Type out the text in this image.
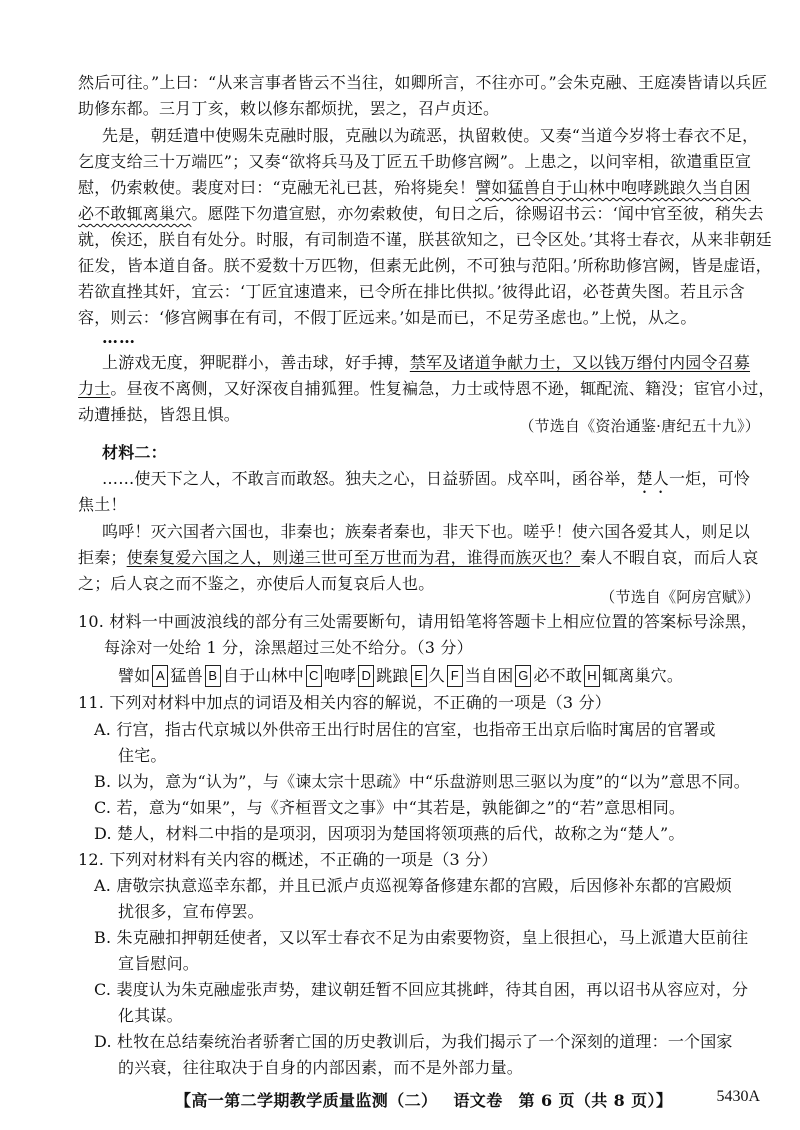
然后可往。”上曰：“从来言事者皆云不当往，如卿所言，不往亦可。”会朱克融、王庭凑皆请以兵匠
助修东都。三月丁亥，敕以修东都烦扰，罢之，召卢贞还。
先是，朝廷遣中使赐朱克融时服，克融以为疏恶，执留敕使。又奏“当道今岁将士春衣不足，
乞度支给三十万端匹”；又奏“欲将兵马及丁匠五千助修宫阙”。上患之，以问宰相，欲遣重臣宣
慰，仍索敕使。裴度对曰：“克融无礼已甚，殆将毙矣！譬如猛兽自于山林中咆哮跳踉久当自困
必不敢辄离巢穴。愿陛下勿遣宣慰，亦勿索敕使，旬日之后，徐赐诏书云：‘闻中官至彼，稍失去
就，俟还，朕自有处分。时服，有司制造不谨，朕甚欲知之，已令区处。’其将士春衣，从来非朝廷
征发，皆本道自备。朕不爱数十万匹物，但素无此例，不可独与范阳。’所称助修宫阙，皆是虚语，
若欲直挫其奸，宜云：‘丁匠宜速遣来，已令所在排比供拟。’彼得此诏，必苍黄失图。若且示含
容，则云：‘修宫阙事在有司，不假丁匠远来。’如是而已，不足劳圣虑也。”上悦，从之。
……
上游戏无度，狎昵群小，善击球，好手搏，禁军及诸道争献力士，又以钱万缗付内园令召募
力士。昼夜不离侧，又好深夜自捕狐狸。性复褊急，力士或恃恩不逊，辄配流、籍没；宦官小过，
动遭捶挞，皆怨且惧。
（节选自《资治通鉴·唐纪五十九》）
材料二：
……使天下之人，不敢言而敢怒。独夫之心，日益骄固。戍卒叫，函谷举，楚人一炬，可怜
焦土！
呜呼！灭六国者六国也，非秦也；族秦者秦也，非天下也。嗟乎！使六国各爱其人，则足以
拒秦；使秦复爱六国之人，则递三世可至万世而为君，谁得而族灭也？秦人不暇自哀，而后人哀
之；后人哀之而不鉴之，亦使后人而复哀后人也。
（节选自《阿房宫赋》）
10. 材料一中画波浪线的部分有三处需要断句，请用铅笔将答题卡上相应位置的答案标号涂黑，
每涂对一处给 1 分，涂黑超过三处不给分。（3 分）
譬如 A 猛兽 B 自于山林中 C 咆哮 D 跳踉 E 久 F 当自困 G 必不敢 H 辄离巢穴。
11. 下列对材料中加点的词语及相关内容的解说，不正确的一项是（3 分）
A. 行宫，指古代京城以外供帝王出行时居住的宫室，也指帝王出京后临时寓居的官署或
住宅。
B. 以为，意为“认为”，与《谏太宗十思疏》中“乐盘游则思三驱以为度”的“以为”意思不同。
C. 若，意为“如果”，与《齐桓晋文之事》中“其若是，孰能御之”的“若”意思相同。
D. 楚人，材料二中指的是项羽，因项羽为楚国将领项燕的后代，故称之为“楚人”。
12. 下列对材料有关内容的概述，不正确的一项是（3 分）
A. 唐敬宗执意巡幸东都，并且已派卢贞巡视筹备修建东都的宫殿，后因修补东都的宫殿烦
扰很多，宣布停罢。
B. 朱克融扣押朝廷使者，又以军士春衣不足为由索要物资，皇上很担心，马上派遣大臣前往
宣旨慰问。
C. 裴度认为朱克融虚张声势，建议朝廷暂不回应其挑衅，待其自困，再以诏书从容应对，分
化其谋。
D. 杜牧在总结秦统治者骄奢亡国的历史教训后，为我们揭示了一个深刻的道理：一个国家
的兴衰，往往取决于自身的内部因素，而不是外部力量。
【高一第二学期教学质量监测（二） 语文卷 第 6 页（共 8 页）】	5430A
